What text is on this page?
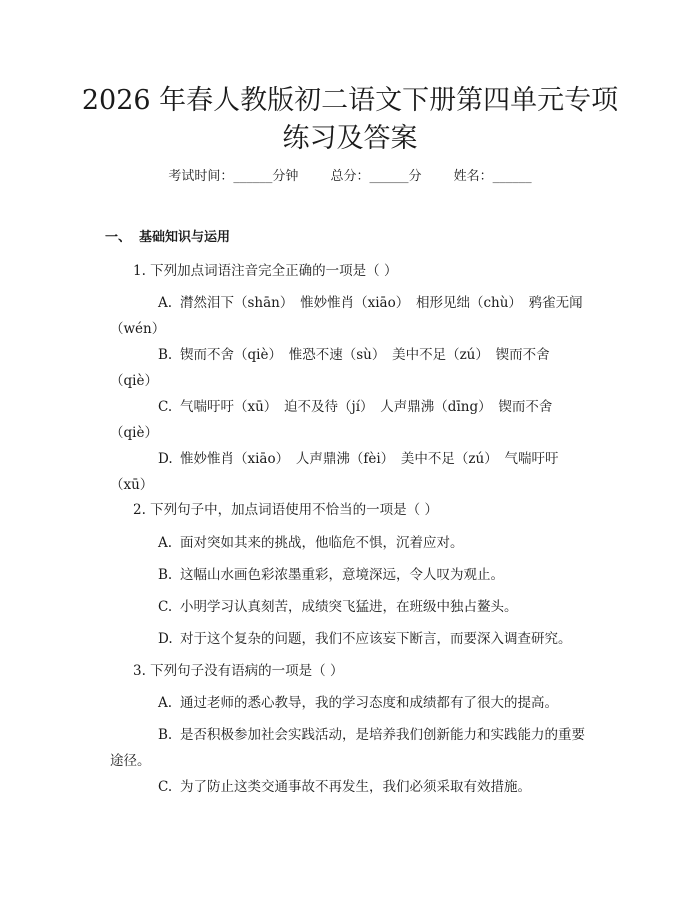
2026 年春人教版初二语文下册第四单元专项
练习及答案
考试时间：______分钟 总分：______分 姓名：______
一、 基础知识与运用
1. 下列加点词语注音完全正确的一项是（ ）
A. 潸然泪下（shān）　惟妙惟肖（xiāo）　相形见绌（chù）　鸦雀无闻（wén）
B. 锲而不舍（qiè）　惟恐不速（sù）　美中不足（zú）　锲而不舍（qiè）
C. 气喘吁吁（xū）　迫不及待（jí）　人声鼎沸（dīng）　锲而不舍（qiè）
D. 惟妙惟肖（xiāo）　人声鼎沸（fèi）　美中不足（zú）　气喘吁吁（xū）
2. 下列句子中，加点词语使用不恰当的一项是（ ）
A. 面对突如其来的挑战，他临危不惧，沉着应对。
B. 这幅山水画色彩浓墨重彩，意境深远，令人叹为观止。
C. 小明学习认真刻苦，成绩突飞猛进，在班级中独占鳌头。
D. 对于这个复杂的问题，我们不应该妄下断言，而要深入调查研究。
3. 下列句子没有语病的一项是（ ）
A. 通过老师的悉心教导，我的学习态度和成绩都有了很大的提高。
B. 是否积极参加社会实践活动，是培养我们创新能力和实践能力的重要途径。
C. 为了防止这类交通事故不再发生，我们必须采取有效措施。
